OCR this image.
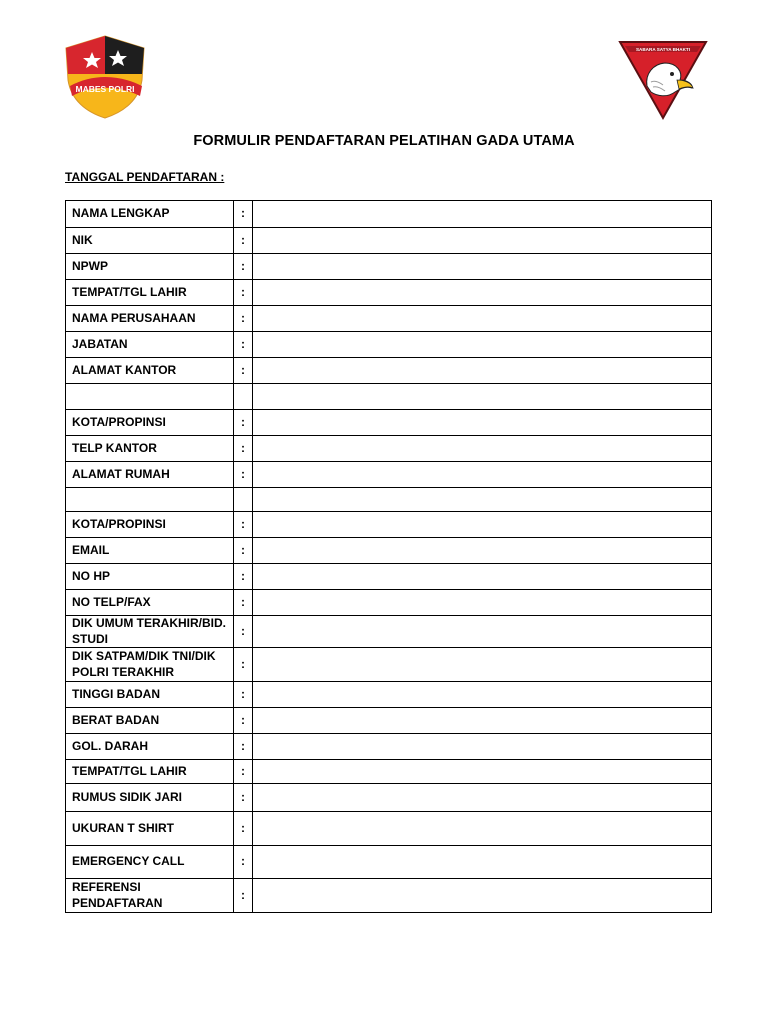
MABES POLRI
SABARA SATYA BHAKTI
FORMULIR PENDAFTARAN PELATIHAN GADA UTAMA
TANGGAL PENDAFTARAN :
NAMA LENGKAP	:	
NIK	:	
NPWP	:	
TEMPAT/TGL LAHIR	:	
NAMA PERUSAHAAN	:	
JABATAN	:	
ALAMAT KANTOR	:	

KOTA/PROPINSI	:	
TELP KANTOR	:	
ALAMAT RUMAH	:	

KOTA/PROPINSI	:	
EMAIL	:	
NO HP	:	
NO TELP/FAX	:	
DIK UMUM TERAKHIR/BID. STUDI	:	
DIK SATPAM/DIK TNI/DIK POLRI TERAKHIR	:	
TINGGI BADAN	:	
BERAT BADAN	:	
GOL. DARAH	:	
TEMPAT/TGL LAHIR	:	
RUMUS SIDIK JARI	:	
UKURAN T SHIRT	:	
EMERGENCY CALL	:	
REFERENSI PENDAFTARAN	:	
